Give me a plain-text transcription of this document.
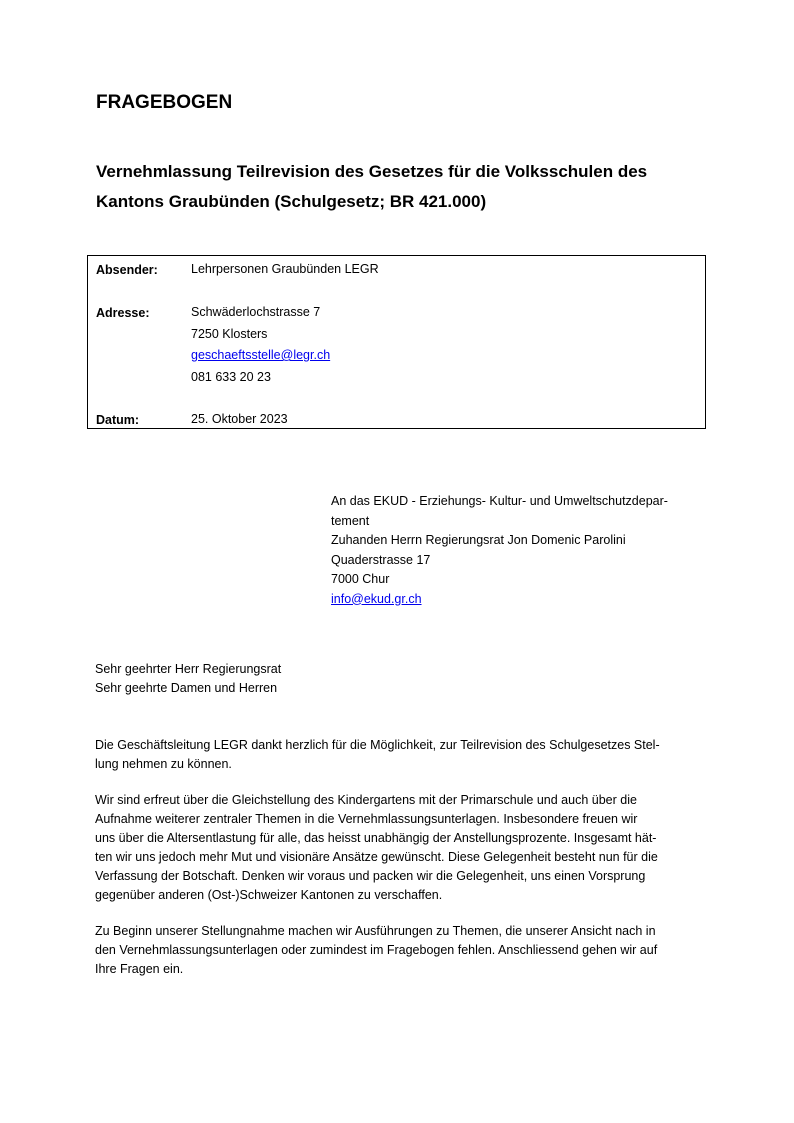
FRAGEBOGEN
Vernehmlassung Teilrevision des Gesetzes für die Volksschulen des
Kantons Graubünden (Schulgesetz; BR 421.000)
Absender:	Lehrpersonen Graubünden LEGR
Adresse:	Schwäderlochstrasse 7
7250 Klosters
geschaeftsstelle@legr.ch
081 633 20 23
Datum:	25. Oktober 2023
An das EKUD - Erziehungs- Kultur- und Umweltschutzdepar-
tement
Zuhanden Herrn Regierungsrat Jon Domenic Parolini
Quaderstrasse 17
7000 Chur
info@ekud.gr.ch
Sehr geehrter Herr Regierungsrat
Sehr geehrte Damen und Herren
Die Geschäftsleitung LEGR dankt herzlich für die Möglichkeit, zur Teilrevision des Schulgesetzes Stel-
lung nehmen zu können.
Wir sind erfreut über die Gleichstellung des Kindergartens mit der Primarschule und auch über die
Aufnahme weiterer zentraler Themen in die Vernehmlassungsunterlagen. Insbesondere freuen wir
uns über die Altersentlastung für alle, das heisst unabhängig der Anstellungsprozente. Insgesamt hät-
ten wir uns jedoch mehr Mut und visionäre Ansätze gewünscht. Diese Gelegenheit besteht nun für die
Verfassung der Botschaft. Denken wir voraus und packen wir die Gelegenheit, uns einen Vorsprung
gegenüber anderen (Ost-)Schweizer Kantonen zu verschaffen.
Zu Beginn unserer Stellungnahme machen wir Ausführungen zu Themen, die unserer Ansicht nach in
den Vernehmlassungsunterlagen oder zumindest im Fragebogen fehlen. Anschliessend gehen wir auf
Ihre Fragen ein.
